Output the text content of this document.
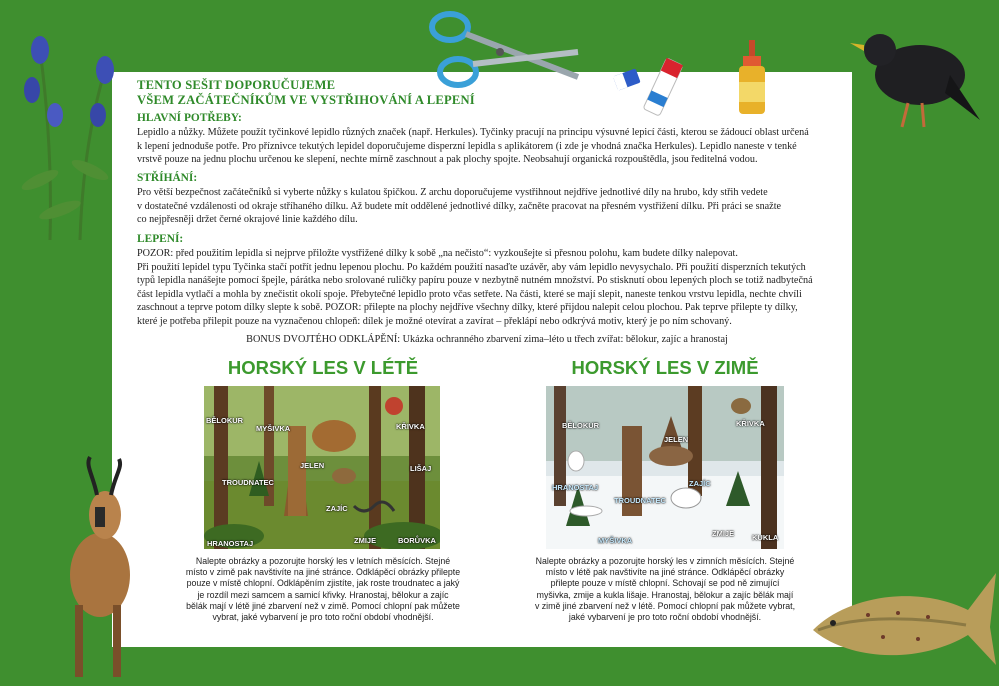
TENTO SEŠIT DOPORUČUJEME
VŠEM ZAČÁTEČNÍKŮM VE VYSTŘIHOVÁNÍ A LEPENÍ
HLAVNÍ POTŘEBY:
Lepidlo a nůžky. Můžete použít tyčinkové lepidlo různých značek (např. Herkules). Tyčinky pracují na principu výsuvné lepicí části, kterou se žádoucí oblast určená
k lepení jednoduše potře. Pro příznivce tekutých lepidel doporučujeme disperzní lepidla s aplikátorem (i zde je vhodná značka Herkules). Lepidlo naneste v tenké
vrstvě pouze na jednu plochu určenou ke slepení, nechte mírně zaschnout a pak plochy spojte. Neobsahují organická rozpouštědla, jsou ředitelná vodou.
STŘÍHÁNÍ:
Pro větší bezpečnost začátečníků si vyberte nůžky s kulatou špičkou. Z archu doporučujeme vystřihnout nejdříve jednotlivé díly na hrubo, kdy střih vedete
v dostatečné vzdálenosti od okraje stříhaného dílku. Až budete mít oddělené jednotlivé dílky, začněte pracovat na přesném vystřižení dílku. Při práci se snažte
co nejpřesněji držet černé okrajové linie každého dílu.
LEPENÍ:
POZOR: před použitím lepidla si nejprve přiložte vystřižené dílky k sobě „na nečisto“: vyzkoušejte si přesnou polohu, kam budete dílky nalepovat.
Při použití lepidel typu Tyčinka stačí potřít jednu lepenou plochu. Po každém použití nasaďte uzávěr, aby vám lepidlo nevysychalo. Při použití disperzních tekutých
typů lepidla nanášejte pomocí špejle, párátka nebo srolované ruličky papíru pouze v nezbytně nutném množství. Po stisknutí obou lepených ploch se totiž nadbytečná
část lepidla vytlačí a mohla by znečistit okolí spoje. Přebytečné lepidlo proto včas setřete. Na části, které se mají slepit, naneste tenkou vrstvu lepidla, nechte chvíli
zaschnout a teprve potom dílky slepte k sobě. POZOR: přilepte na plochy nejdříve všechny dílky, které přijdou nalepit celou plochou. Pak teprve přilepte ty dílky,
které je potřeba přilepit pouze na vyznačenou chlopeň: dílek je možné otevírat a zavírat – překlápí nebo odkrývá motiv, který je po ním schovaný.
BONUS DVOJTÉHO ODKLÁPĚNÍ: Ukázka ochranného zbarvení zima–léto u třech zvířat: bělokur, zajíc a hranostaj
HORSKÝ LES V LÉTĚ	HORSKÝ LES V ZIMĚ
BĚLOKUR
MYŠIVKA	KŘIVKA
JELEN	LIŠAJ
TROUDNATEC
ZAJÍC
HRANOSTAJ	ZMIJE	BORŮVKA
BĚLOKUR	KŘIVKA
JELEN
HRANOSTAJ	ZAJÍC
TROUDNATEC
ZMIJE
MYŠIVKA	KUKLA
Nalepte obrázky a pozorujte horský les v letních měsících. Stejné
místo v zimě pak navštivíte na jiné stránce. Odklápěcí obrázky přilepte
pouze v místě chlopní. Odklápěním zjistíte, jak roste troudnatec a jaký
je rozdíl mezi samcem a samicí křivky. Hranostaj, bělokur a zajíc
bělák mají v létě jiné zbarvení než v zimě. Pomocí chlopní pak můžete
vybrat, jaké vybarvení je pro toto roční období vhodnější.
Nalepte obrázky a pozorujte horský les v zimních měsících. Stejné
místo v létě pak navštivíte na jiné stránce. Odklápěcí obrázky
přilepte pouze v místě chlopní. Schovají se pod ně zimující
myšivka, zmije a kukla lišaje. Hranostaj, bělokur a zajíc bělák mají
v zimě jiné zbarvení než v létě. Pomocí chlopní pak můžete vybrat,
jaké vybarvení je pro toto roční období vhodnější.
